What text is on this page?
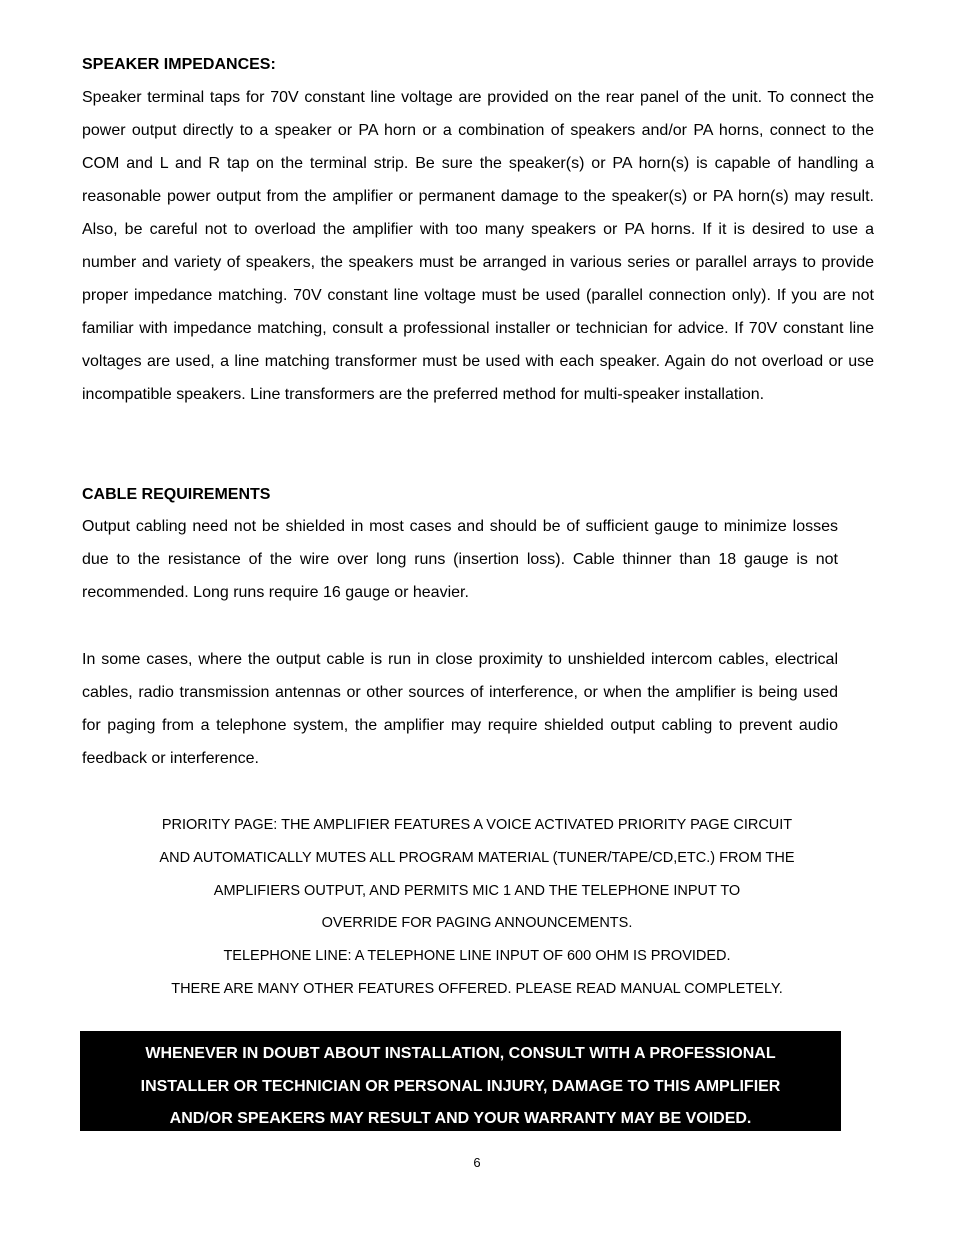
SPEAKER IMPEDANCES:

Speaker terminal taps for 70V constant line voltage are provided on the rear panel of the unit. To connect the power output directly to a speaker or PA horn or a combination of speakers and/or PA horns, connect to the COM and L and R tap on the terminal strip. Be sure the speaker(s) or PA horn(s) is capable of handling a reasonable power output from the amplifier or permanent damage to the speaker(s) or PA horn(s) may result. Also, be careful not to overload the amplifier with too many speakers or PA horns. If it is desired to use a number and variety of speakers, the speakers must be arranged in various series or parallel arrays to provide proper impedance matching. 70V constant line voltage must be used (parallel connection only). If you are not familiar with impedance matching, consult a professional installer or technician for advice. If 70V constant line voltages are used, a line matching transformer must be used with each speaker. Again do not overload or use incompatible speakers. Line transformers are the preferred method for multi-speaker installation.

CABLE REQUIREMENTS

Output cabling need not be shielded in most cases and should be of sufficient gauge to minimize losses due to the resistance of the wire over long runs (insertion loss). Cable thinner than 18 gauge is not recommended. Long runs require 16 gauge or heavier.

In some cases, where the output cable is run in close proximity to unshielded intercom cables, electrical cables, radio transmission antennas or other sources of interference, or when the amplifier is being used for paging from a telephone system, the amplifier may require shielded output cabling to prevent audio feedback or interference.

PRIORITY PAGE: THE AMPLIFIER FEATURES A VOICE ACTIVATED PRIORITY PAGE CIRCUIT

AND AUTOMATICALLY MUTES ALL PROGRAM MATERIAL (TUNER/TAPE/CD,ETC.) FROM THE

AMPLIFIERS OUTPUT, AND PERMITS MIC 1 AND THE TELEPHONE INPUT TO

OVERRIDE FOR PAGING ANNOUNCEMENTS.

TELEPHONE LINE: A TELEPHONE LINE INPUT OF 600 OHM IS PROVIDED.

THERE ARE MANY OTHER FEATURES OFFERED. PLEASE READ MANUAL COMPLETELY.

WHENEVER IN DOUBT ABOUT INSTALLATION, CONSULT WITH A PROFESSIONAL

INSTALLER OR TECHNICIAN OR PERSONAL INJURY, DAMAGE TO THIS AMPLIFIER

AND/OR SPEAKERS MAY RESULT AND YOUR WARRANTY MAY BE VOIDED.

6
